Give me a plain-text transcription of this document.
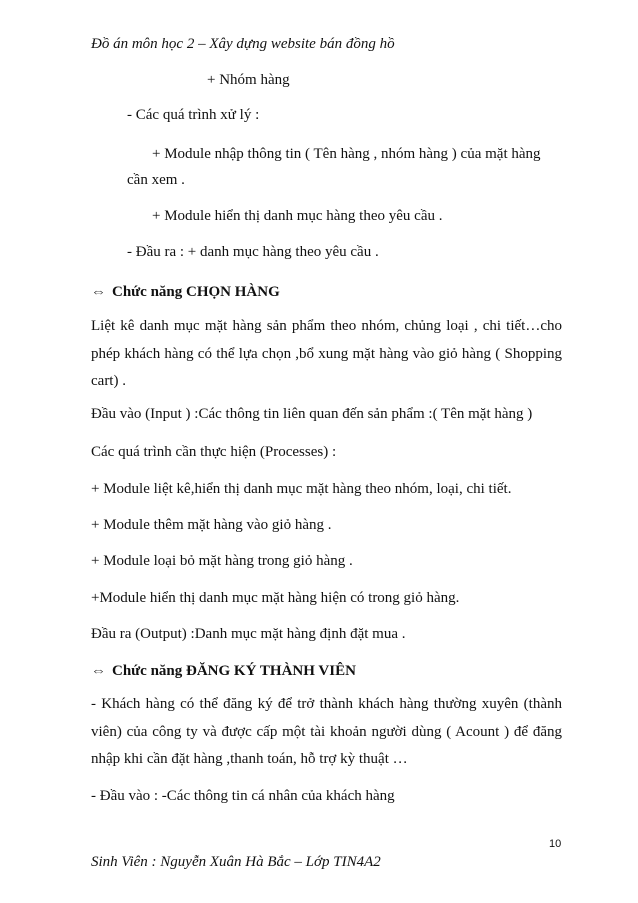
Đồ án môn học 2 – Xây dựng website bán đồng hồ
+ Nhóm hàng
- Các quá trình xử lý :
+ Module nhập thông tin ( Tên hàng , nhóm hàng ) của mặt hàng
cần xem .
+ Module hiển thị danh mục hàng theo yêu cầu .
- Đầu ra : + danh mục hàng theo yêu cầu .
⇔ Chức năng CHỌN HÀNG

Liệt kê danh mục mặt hàng sản phẩm theo nhóm, chủng loại , chi tiết…cho phép khách hàng có thể lựa chọn ,bổ xung mặt hàng vào giỏ hàng ( Shopping cart) .

Đầu vào (Input ) :Các thông tin liên quan đến sản phẩm :( Tên mặt hàng )
Các quá trình cần thực hiện (Processes) :
+ Module liệt kê,hiển thị danh mục mặt hàng theo nhóm, loại, chi tiết.
+ Module thêm mặt hàng vào giỏ hàng .
+ Module loại bỏ mặt hàng trong giỏ hàng .
+Module hiển thị danh mục mặt hàng hiện có trong giỏ hàng.
Đầu ra (Output) :Danh mục mặt hàng định đặt mua .
⇔ Chức năng ĐĂNG KÝ THÀNH VIÊN

- Khách hàng có thể đăng ký để trở thành khách hàng thường xuyên (thành viên) của công ty và được cấp một tài khoản người dùng ( Acount ) để đăng nhập khi cần đặt hàng ,thanh toán, hỗ trợ kỳ thuật …

- Đầu vào : -Các thông tin cá nhân của khách hàng
10
Sinh Viên : Nguyễn Xuân Hà Bắc – Lớp TIN4A2
